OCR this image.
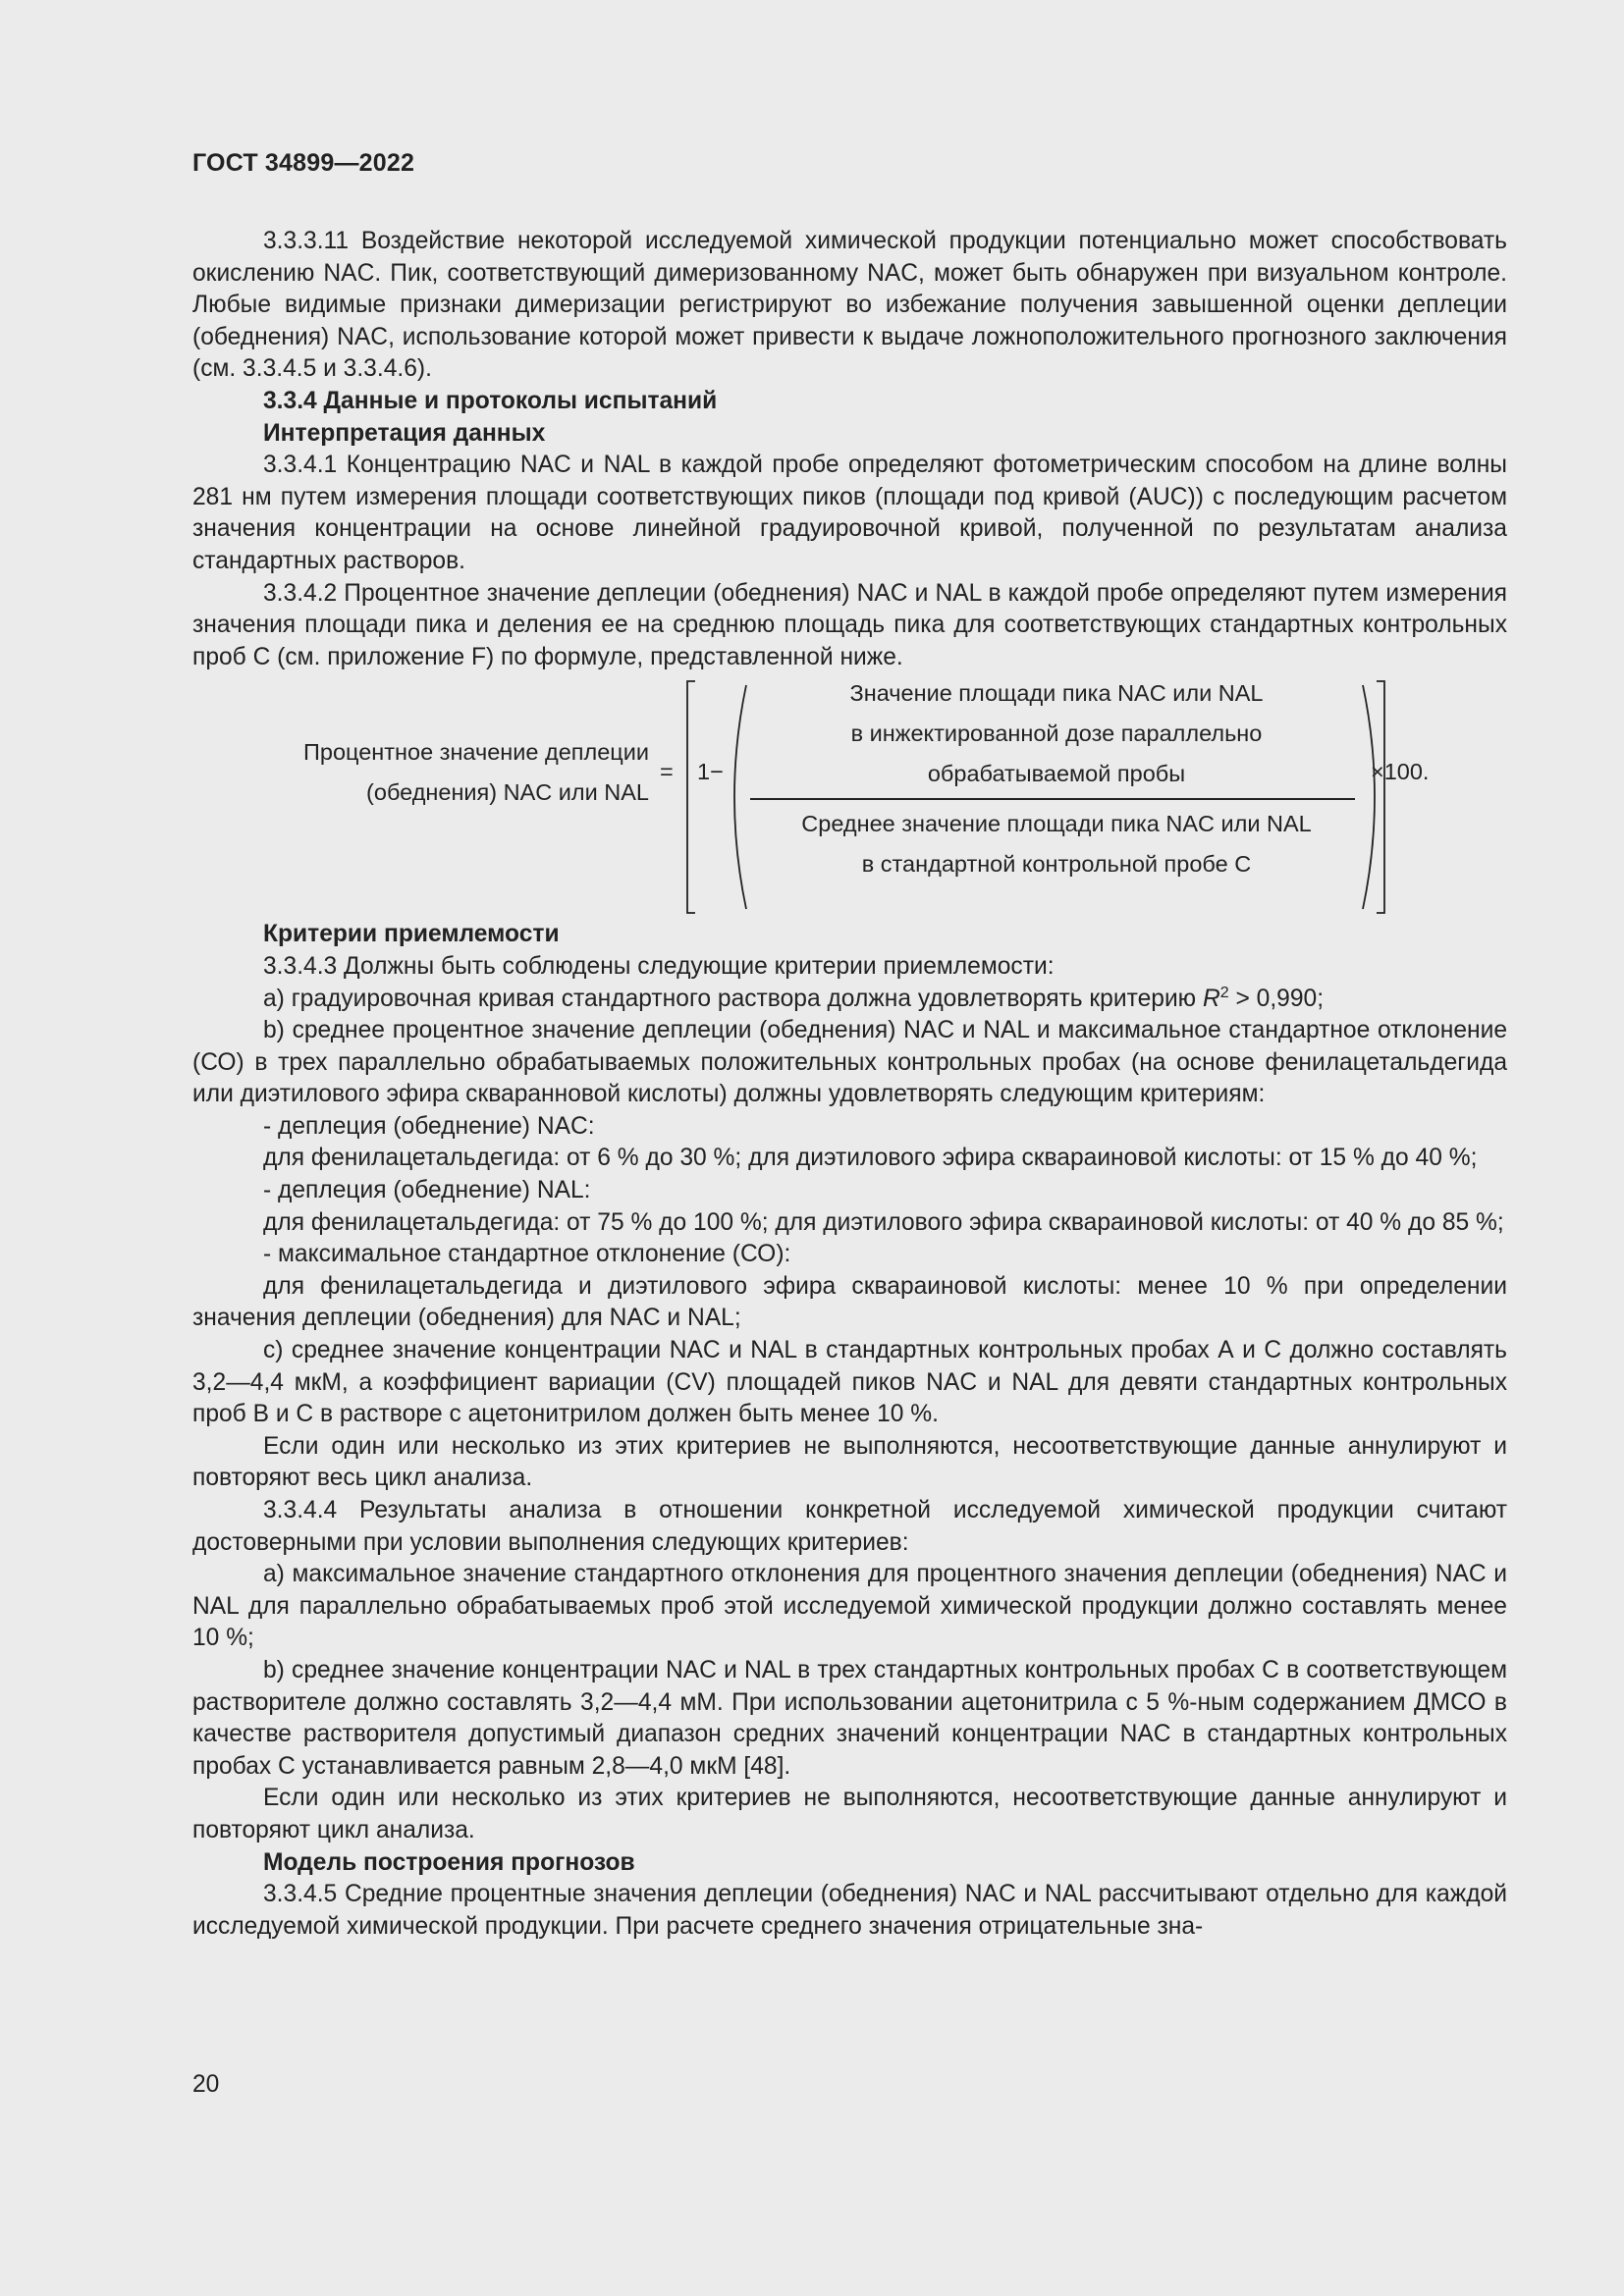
ГОСТ 34899—2022

3.3.3.11 Воздействие некоторой исследуемой химической продукции потенциально может способствовать окислению NAC. Пик, соответствующий димеризованному NAC, может быть обнаружен при визуальном контроле. Любые видимые признаки димеризации регистрируют во избежание получения завышенной оценки деплеции (обеднения) NAC, использование которой может привести к выдаче ложноположительного прогнозного заключения (см. 3.3.4.5 и 3.3.4.6).

3.3.4 Данные и протоколы испытаний

Интерпретация данных

3.3.4.1 Концентрацию NAC и NAL в каждой пробе определяют фотометрическим способом на длине волны 281 нм путем измерения площади соответствующих пиков (площади под кривой (AUC)) с последующим расчетом значения концентрации на основе линейной градуировочной кривой, полученной по результатам анализа стандартных растворов.

3.3.4.2 Процентное значение деплеции (обеднения) NAC и NAL в каждой пробе определяют путем измерения значения площади пика и деления ее на среднюю площадь пика для соответствующих стандартных контрольных проб С (см. приложение F) по формуле, представленной ниже.

Процентное значение деплеции
(обеднения) NAC или NAL
= 1−
Значение площади пика NAC или NAL
в инжектированной дозе параллельно
обрабатываемой пробы
Среднее значение площади пика NAC или NAL
в стандартной контрольной пробе С
×100.

Критерии приемлемости

3.3.4.3 Должны быть соблюдены следующие критерии приемлемости:

a) градуировочная кривая стандартного раствора должна удовлетворять критерию $R^2 > 0,990$;

b) среднее процентное значение деплеции (обеднения) NAC и NAL и максимальное стандартное отклонение (СО) в трех параллельно обрабатываемых положительных контрольных пробах (на основе фенилацетальдегида или диэтилового эфира скваранновой кислоты) должны удовлетворять следующим критериям:

- деплеция (обеднение) NAC:

для фенилацетальдегида: от 6 % до 30 %; для диэтилового эфира скварaиновой кислоты: от 15 % до 40 %;

- деплеция (обеднение) NAL:

для фенилацетальдегида: от 75 % до 100 %; для диэтилового эфира скварaиновой кислоты: от 40 % до 85 %;

- максимальное стандартное отклонение (СО):

для фенилацетальдегида и диэтилового эфира скварaиновой кислоты: менее 10 % при определении значения деплеции (обеднения) для NAC и NAL;

c) среднее значение концентрации NAC и NAL в стандартных контрольных пробах А и С должно составлять 3,2—4,4 мкМ, а коэффициент вариации (CV) площадей пиков NAC и NAL для девяти стандартных контрольных проб В и С в растворе с ацетонитрилом должен быть менее 10 %.

Если один или несколько из этих критериев не выполняются, несоответствующие данные аннулируют и повторяют весь цикл анализа.

3.3.4.4 Результаты анализа в отношении конкретной исследуемой химической продукции считают достоверными при условии выполнения следующих критериев:

a) максимальное значение стандартного отклонения для процентного значения деплеции (обеднения) NAC и NAL для параллельно обрабатываемых проб этой исследуемой химической продукции должно составлять менее 10 %;

b) среднее значение концентрации NAC и NAL в трех стандартных контрольных пробах С в соответствующем растворителе должно составлять 3,2—4,4 мМ. При использовании ацетонитрила с 5 %-ным содержанием ДМСО в качестве растворителя допустимый диапазон средних значений концентрации NAC в стандартных контрольных пробах С устанавливается равным 2,8—4,0 мкМ [48].

Если один или несколько из этих критериев не выполняются, несоответствующие данные аннулируют и повторяют цикл анализа.

Модель построения прогнозов

3.3.4.5 Средние процентные значения деплеции (обеднения) NAC и NAL рассчитывают отдельно для каждой исследуемой химической продукции. При расчете среднего значения отрицательные зна-

20
